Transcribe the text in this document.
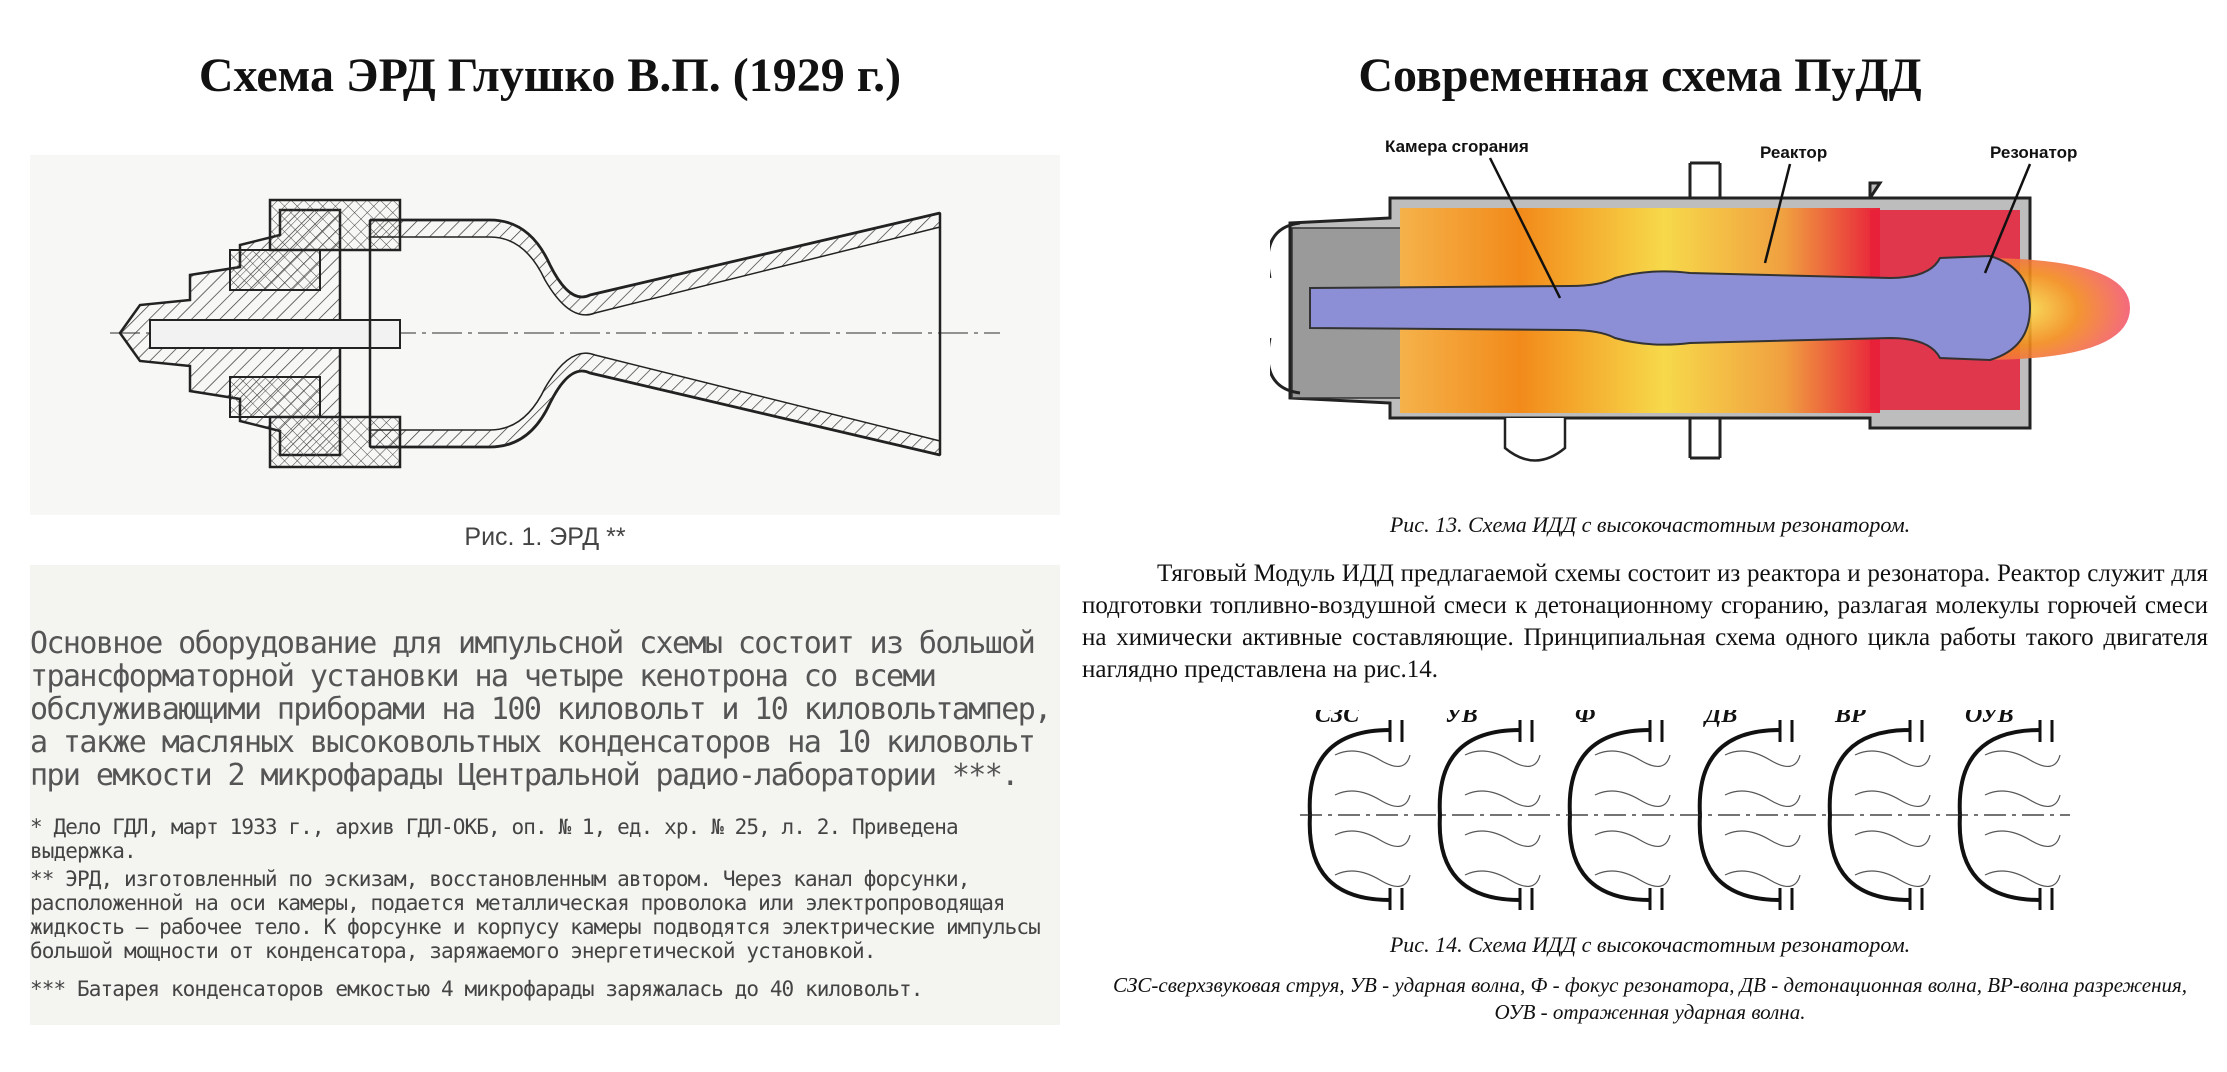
Схема ЭРД Глушко В.П. (1929 г.)
Рис. 1. ЭРД **
Основное оборудование для импульсной схемы состоит из большой трансформаторной установки на четыре кенотрона со всеми обслуживающими приборами на 100 киловольт и 10 киловольтампер, а также масляных высоковольтных конденсаторов на 10 киловольт при емкости 2 микрофарады Центральной радио-лаборатории ***.
* Дело ГДЛ, март 1933 г., архив ГДЛ-ОКБ, оп. № 1, ед. хр. № 25, л. 2. Приведена выдержка.
** ЭРД, изготовленный по эскизам, восстановленным автором. Через канал форсунки, расположенной на оси камеры, подается металлическая проволока или электропроводящая жидкость — рабочее тело. К форсунке и корпусу камеры подводятся электрические импульсы большой мощности от конденсатора, заряжаемого энергетической установкой.
*** Батарея конденсаторов емкостью 4 микрофарады заряжалась до 40 киловольт.
Современная схема ПуДД
Камера сгорания	Реактор	Резонатор
Рис. 13. Схема ИДД с высокочастотным резонатором.
Тяговый Модуль ИДД предлагаемой схемы состоит из реактора и резонатора. Реактор служит для подготовки топливно-воздушной смеси к детонационному сгоранию, разлагая молекулы горючей смеси на химически активные составляющие. Принципиальная схема одного цикла работы такого двигателя наглядно представлена на рис.14.
СЗС	УВ	Ф	ДВ	ВР	ОУВ
Рис. 14. Схема ИДД с высокочастотным резонатором.
СЗС-сверхзвуковая струя, УВ - ударная волна, Ф - фокус резонатора, ДВ - детонационная волна, ВР-волна разрежения, ОУВ - отраженная ударная волна.
